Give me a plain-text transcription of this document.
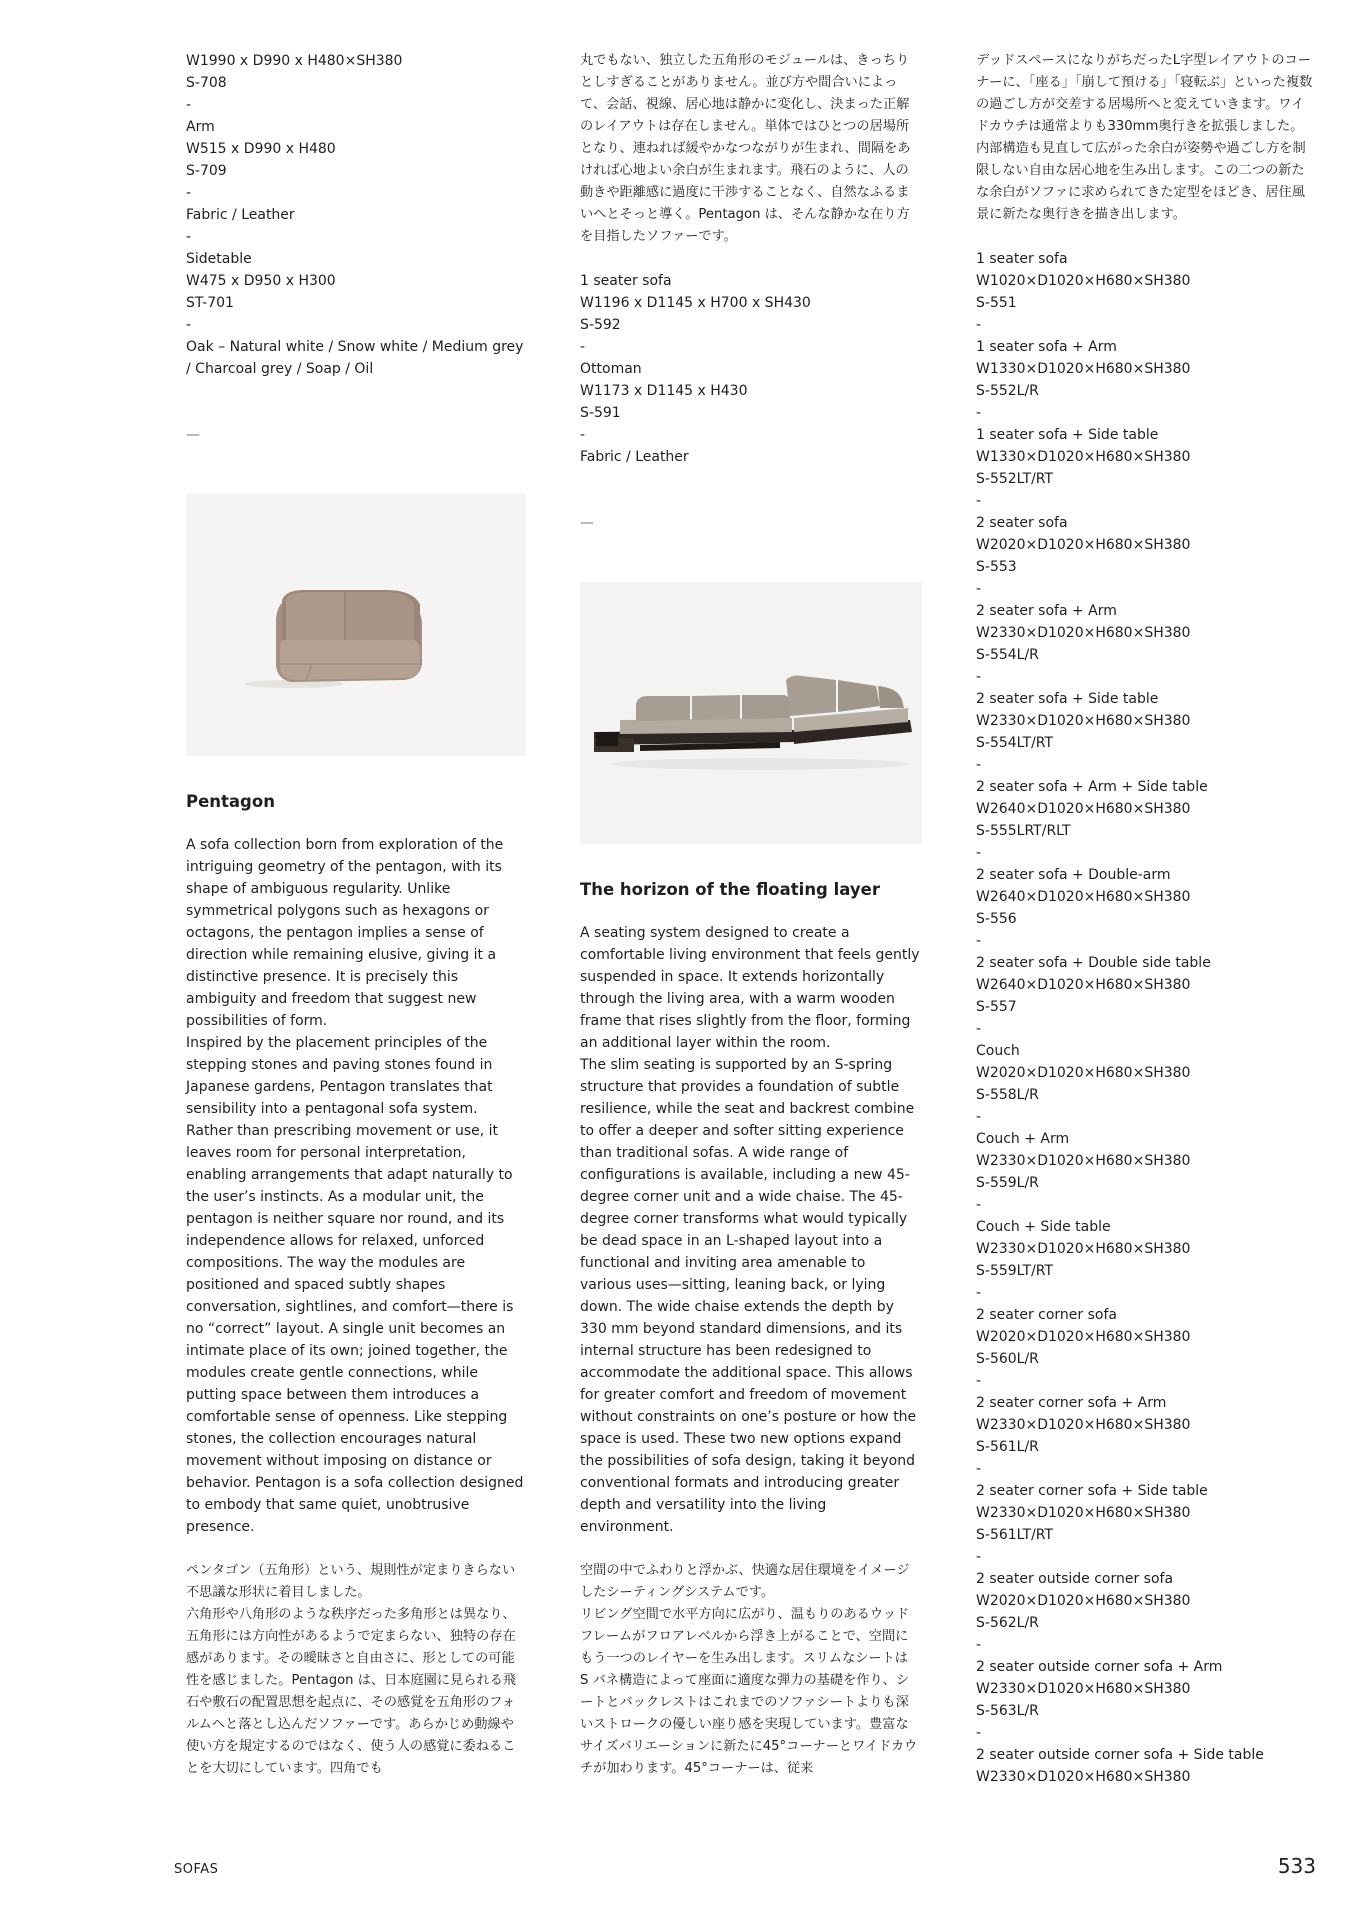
W1990 x D990 x H480×SH380
S-708
-
Arm
W515 x D990 x H480
S-709
-
Fabric / Leather
-
Sidetable
W475 x D950 x H300
ST-701
-
Oak – Natural white / Snow white / Medium grey
/ Charcoal grey / Soap / Oil
—
Pentagon

A sofa collection born from exploration of the intriguing geometry of the pentagon, with its shape of ambiguous regularity. Unlike symmetrical polygons such as hexagons or octagons, the pentagon implies a sense of direction while remaining elusive, giving it a distinctive presence. It is precisely this ambiguity and freedom that suggest new possibilities of form.
Inspired by the placement principles of the stepping stones and paving stones found in Japanese gardens, Pentagon translates that sensibility into a pentagonal sofa system. Rather than prescribing movement or use, it leaves room for personal interpretation, enabling arrangements that adapt naturally to the user’s instincts. As a modular unit, the pentagon is neither square nor round, and its independence allows for relaxed, unforced compositions. The way the modules are positioned and spaced subtly shapes conversation, sightlines, and comfort—there is no “correct” layout. A single unit becomes an intimate place of its own; joined together, the modules create gentle connections, while putting space between them introduces a comfortable sense of openness. Like stepping stones, the collection encourages natural movement without imposing on distance or behavior. Pentagon is a sofa collection designed to embody that same quiet, unobtrusive presence.

ペンタゴン（五角形）という、規則性が定まりきらない不思議な形状に着目しました。
六角形や八角形のような秩序だった多角形とは異なり、五角形には方向性があるようで定まらない、独特の存在感があります。その曖昧さと自由さに、形としての可能性を感じました。Pentagon は、日本庭園に見られる飛石や敷石の配置思想を起点に、その感覚を五角形のフォルムへと落とし込んだソファーです。あらかじめ動線や使い方を規定するのではなく、使う人の感覚に委ねることを大切にしています。四角でも

丸でもない、独立した五角形のモジュールは、きっちりとしすぎることがありません。並び方や間合いによって、会話、視線、居心地は静かに変化し、決まった正解のレイアウトは存在しません。単体ではひとつの居場所となり、連ねれば緩やかなつながりが生まれ、間隔をあければ心地よい余白が生まれます。飛石のように、人の動きや距離感に過度に干渉することなく、自然なふるまいへとそっと導く。Pentagon は、そんな静かな在り方を目指したソファーです。

1 seater sofa
W1196 x D1145 x H700 x SH430
S-592
-
Ottoman
W1173 x D1145 x H430
S-591
-
Fabric / Leather
—
The horizon of the floating layer

A seating system designed to create a comfortable living environment that feels gently suspended in space. It extends horizontally through the living area, with a warm wooden frame that rises slightly from the floor, forming an additional layer within the room.
The slim seating is supported by an S-spring structure that provides a foundation of subtle resilience, while the seat and backrest combine to offer a deeper and softer sitting experience than traditional sofas. A wide range of configurations is available, including a new 45-degree corner unit and a wide chaise. The 45-degree corner transforms what would typically be dead space in an L-shaped layout into a functional and inviting area amenable to various uses—sitting, leaning back, or lying down. The wide chaise extends the depth by 330 mm beyond standard dimensions, and its internal structure has been redesigned to accommodate the additional space. This allows for greater comfort and freedom of movement without constraints on one’s posture or how the space is used. These two new options expand the possibilities of sofa design, taking it beyond conventional formats and introducing greater depth and versatility into the living environment.

空間の中でふわりと浮かぶ、快適な居住環境をイメージしたシーティングシステムです。
リビング空間で水平方向に広がり、温もりのあるウッドフレームがフロアレベルから浮き上がることで、空間にもう一つのレイヤーを生み出します。スリムなシートは S バネ構造によって座面に適度な弾力の基礎を作り、シートとバックレストはこれまでのソファシートよりも深いストロークの優しい座り感を実現しています。豊富なサイズバリエーションに新たに45°コーナーとワイドカウチが加わります。45°コーナーは、従来

デッドスペースになりがちだったL字型レイアウトのコーナーに、「座る」「崩して預ける」「寝転ぶ」といった複数の過ごし方が交差する居場所へと変えていきます。ワイドカウチは通常よりも330mm奥行きを拡張しました。内部構造も見直して広がった余白が姿勢や過ごし方を制限しない自由な居心地を生み出します。この二つの新たな余白がソファに求められてきた定型をほどき、居住風景に新たな奥行きを描き出します。

1 seater sofa
W1020×D1020×H680×SH380
S-551
-
1 seater sofa + Arm
W1330×D1020×H680×SH380
S-552L/R
-
1 seater sofa + Side table
W1330×D1020×H680×SH380
S-552LT/RT
-
2 seater sofa
W2020×D1020×H680×SH380
S-553
-
2 seater sofa + Arm
W2330×D1020×H680×SH380
S-554L/R
-
2 seater sofa + Side table
W2330×D1020×H680×SH380
S-554LT/RT
-
2 seater sofa + Arm + Side table
W2640×D1020×H680×SH380
S-555LRT/RLT
-
2 seater sofa + Double-arm
W2640×D1020×H680×SH380
S-556
-
2 seater sofa + Double side table
W2640×D1020×H680×SH380
S-557
-
Couch
W2020×D1020×H680×SH380
S-558L/R
-
Couch + Arm
W2330×D1020×H680×SH380
S-559L/R
-
Couch + Side table
W2330×D1020×H680×SH380
S-559LT/RT
-
2 seater corner sofa
W2020×D1020×H680×SH380
S-560L/R
-
2 seater corner sofa + Arm
W2330×D1020×H680×SH380
S-561L/R
-
2 seater corner sofa + Side table
W2330×D1020×H680×SH380
S-561LT/RT
-
2 seater outside corner sofa
W2020×D1020×H680×SH380
S-562L/R
-
2 seater outside corner sofa + Arm
W2330×D1020×H680×SH380
S-563L/R
-
2 seater outside corner sofa + Side table
W2330×D1020×H680×SH380
SOFAS	533
